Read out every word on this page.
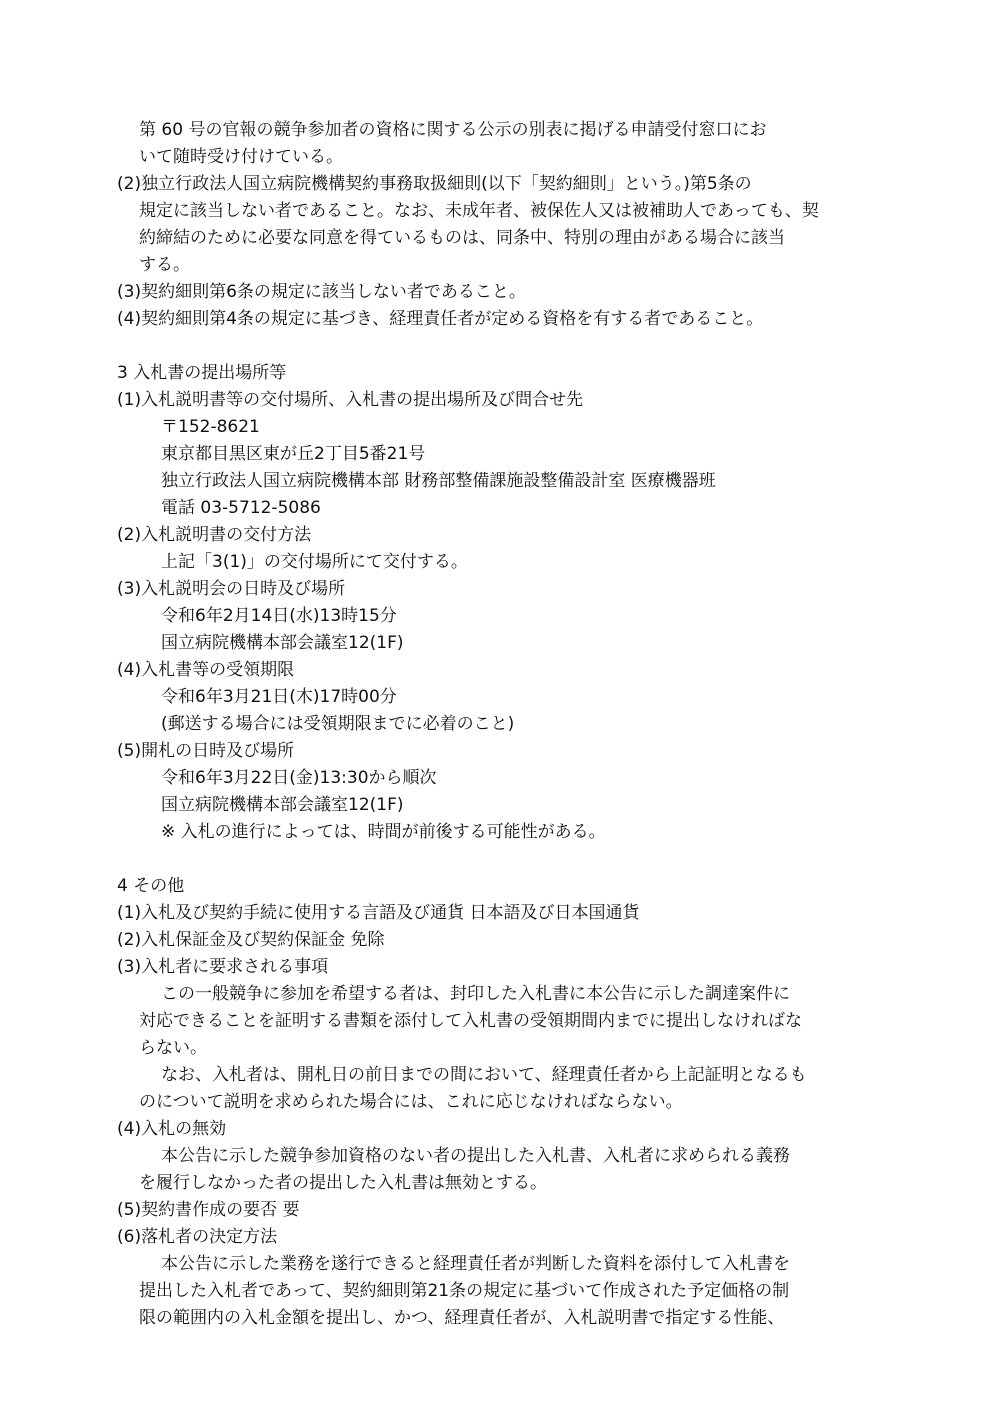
第 60 号の官報の競争参加者の資格に関する公示の別表に掲げる申請受付窓口にお
いて随時受け付けている。
(2)独立行政法人国立病院機構契約事務取扱細則(以下「契約細則」という。)第5条の
規定に該当しない者であること。なお、未成年者、被保佐人又は被補助人であっても、契
約締結のために必要な同意を得ているものは、同条中、特別の理由がある場合に該当
する。
(3)契約細則第6条の規定に該当しない者であること。
(4)契約細則第4条の規定に基づき、経理責任者が定める資格を有する者であること。
3 入札書の提出場所等
(1)入札説明書等の交付場所、入札書の提出場所及び問合せ先
〒152-8621
東京都目黒区東が丘2丁目5番21号
独立行政法人国立病院機構本部 財務部整備課施設整備設計室 医療機器班
電話 03-5712-5086
(2)入札説明書の交付方法
上記「3(1)」の交付場所にて交付する。
(3)入札説明会の日時及び場所
令和6年2月14日(水)13時15分
国立病院機構本部会議室12(1F)
(4)入札書等の受領期限
令和6年3月21日(木)17時00分
(郵送する場合には受領期限までに必着のこと)
(5)開札の日時及び場所
令和6年3月22日(金)13:30から順次
国立病院機構本部会議室12(1F)
※ 入札の進行によっては、時間が前後する可能性がある。
4 その他
(1)入札及び契約手続に使用する言語及び通貨 日本語及び日本国通貨
(2)入札保証金及び契約保証金 免除
(3)入札者に要求される事項
この一般競争に参加を希望する者は、封印した入札書に本公告に示した調達案件に
対応できることを証明する書類を添付して入札書の受領期間内までに提出しなければな
らない。
なお、入札者は、開札日の前日までの間において、経理責任者から上記証明となるも
のについて説明を求められた場合には、これに応じなければならない。
(4)入札の無効
本公告に示した競争参加資格のない者の提出した入札書、入札者に求められる義務
を履行しなかった者の提出した入札書は無効とする。
(5)契約書作成の要否 要
(6)落札者の決定方法
本公告に示した業務を遂行できると経理責任者が判断した資料を添付して入札書を
提出した入札者であって、契約細則第21条の規定に基づいて作成された予定価格の制
限の範囲内の入札金額を提出し、かつ、経理責任者が、入札説明書で指定する性能、
